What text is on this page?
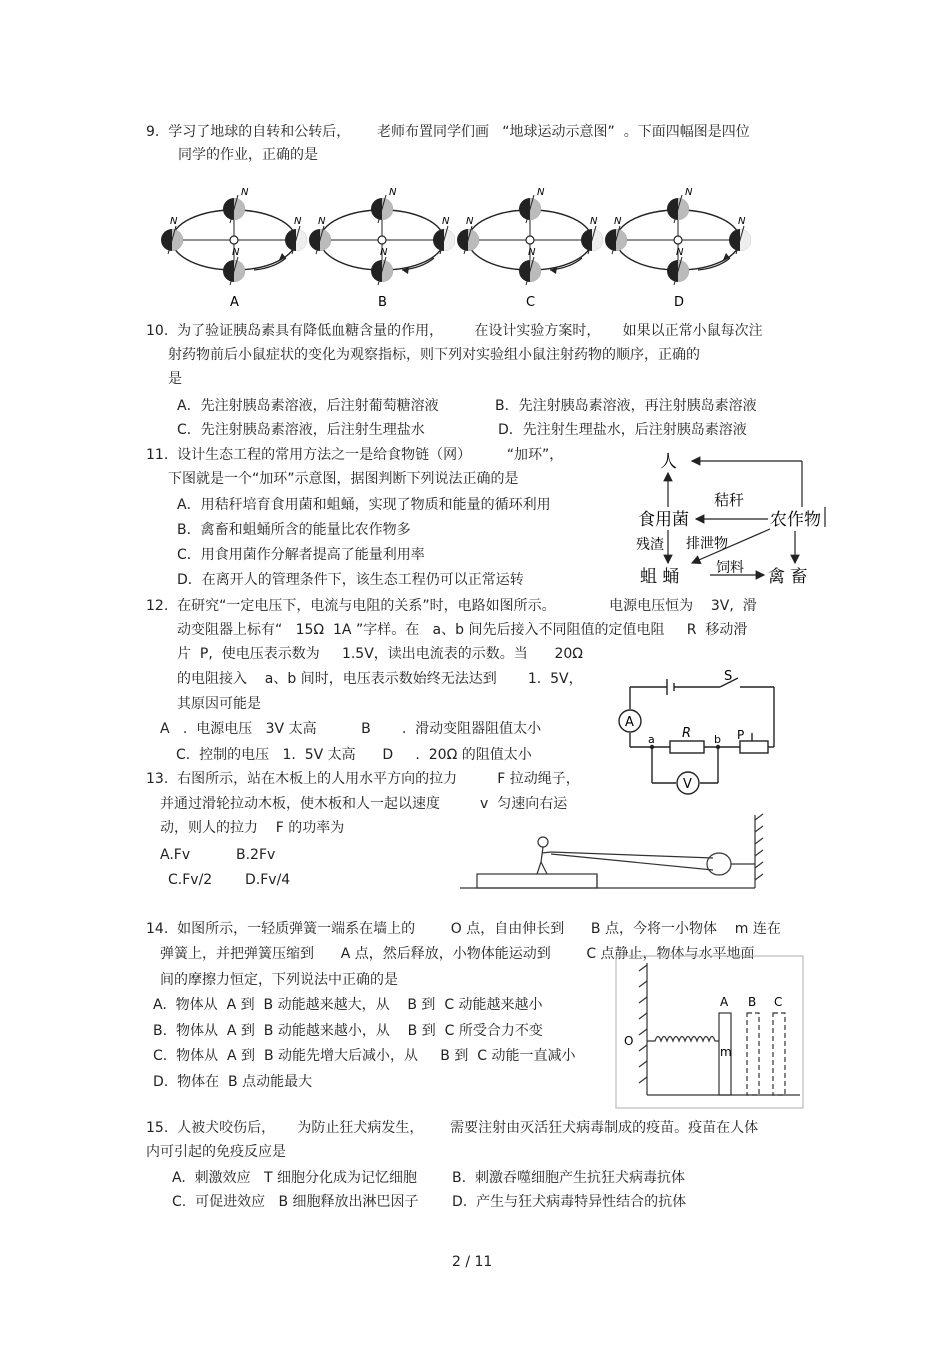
9.  学习了地球的自转和公转后，      老师布置同学们画   “地球运动示意图”  。下面四幅图是四位
同学的作业，正确的是
N
N	N
N
A
N
N	N
N
B
N
N	N
N
C
N
N	N
N
D
10.  为了验证胰岛素具有降低血糖含量的作用，       在设计实验方案时，     如果以正常小鼠每次注
射药物前后小鼠症状的变化为观察指标，则下列对实验组小鼠注射药物的顺序，正确的
是
A．先注射胰岛素溶液，后注射葡萄糖溶液	B．先注射胰岛素溶液，再注射胰岛素溶液
C．先注射胰岛素溶液，后注射生理盐水	D．先注射生理盐水，后注射胰岛素溶液
11.  设计生态工程的常用方法之一是给食物链（网）        “加环”，
下图就是一个“加环”示意图，据图判断下列说法正确的是
A．用秸秆培育食用菌和蛆蛹，实现了物质和能量的循环利用
B．禽畜和蛆蛹所含的能量比农作物多
C．用食用菌作分解者提高了能量利用率
D．在离开人的管理条件下，该生态工程仍可以正常运转
人
食用菌
秸秆
农作物
残渣 排泄物
蛆 蛹	饲料 禽 畜
12.  在研究“一定电压下，电流与电阻的关系”时，电路如图所示。            电源电压恒为    3V,  滑
动变阻器上标有“   15Ω  1A ”字样。在   a、b 间先后接入不同阻值的定值电阻     R  移动滑
片  P,  使电压表示数为     1.5V，读出电流表的示数。当      20Ω
的电阻接入    a、b 间时，电压表示数始终无法达到       1.  5V，
其原因可能是
A   .  电源电压   3V 太高          B       .  滑动变阻器阻值太小
C.  控制的电压   1.  5V 太高      D     .  20Ω 的阻值太小
S
A
R
a	b P
V
13.  右图所示，站在木板上的人用水平方向的拉力         F 拉动绳子，
并通过滑轮拉动木板，使木板和人一起以速度         v  匀速向右运
动，则人的拉力    F 的功率为
A.Fv	B.2Fv
C.Fv/2 D.Fv/4
14.  如图所示，一轻质弹簧一端系在墙上的        O 点，自由伸长到      B 点，今将一小物体    m 连在
弹簧上，并把弹簧压缩到      A 点，然后释放，小物体能运动到        C 点静止，物体与水平地面
间的摩擦力恒定，下列说法中正确的是
A.  物体从  A 到  B 动能越来越大，从    B 到  C 动能越来越小
B.  物体从  A 到  B 动能越来越小，从    B 到  C 所受合力不变
C.  物体从  A 到  B 动能先增大后减小，从     B 到  C 动能一直减小
D.  物体在  B 点动能最大
O
A B C
m
15.  人被犬咬伤后，     为防止狂犬病发生，      需要注射由灭活狂犬病毒制成的疫苗。疫苗在人体
内可引起的免疫反应是
A.  刺激效应   T 细胞分化成为记忆细胞 B.  刺激吞噬细胞产生抗狂犬病毒抗体
C.  可促进效应   B 细胞释放出淋巴因子 D.  产生与狂犬病毒特异性结合的抗体
2 / 11
